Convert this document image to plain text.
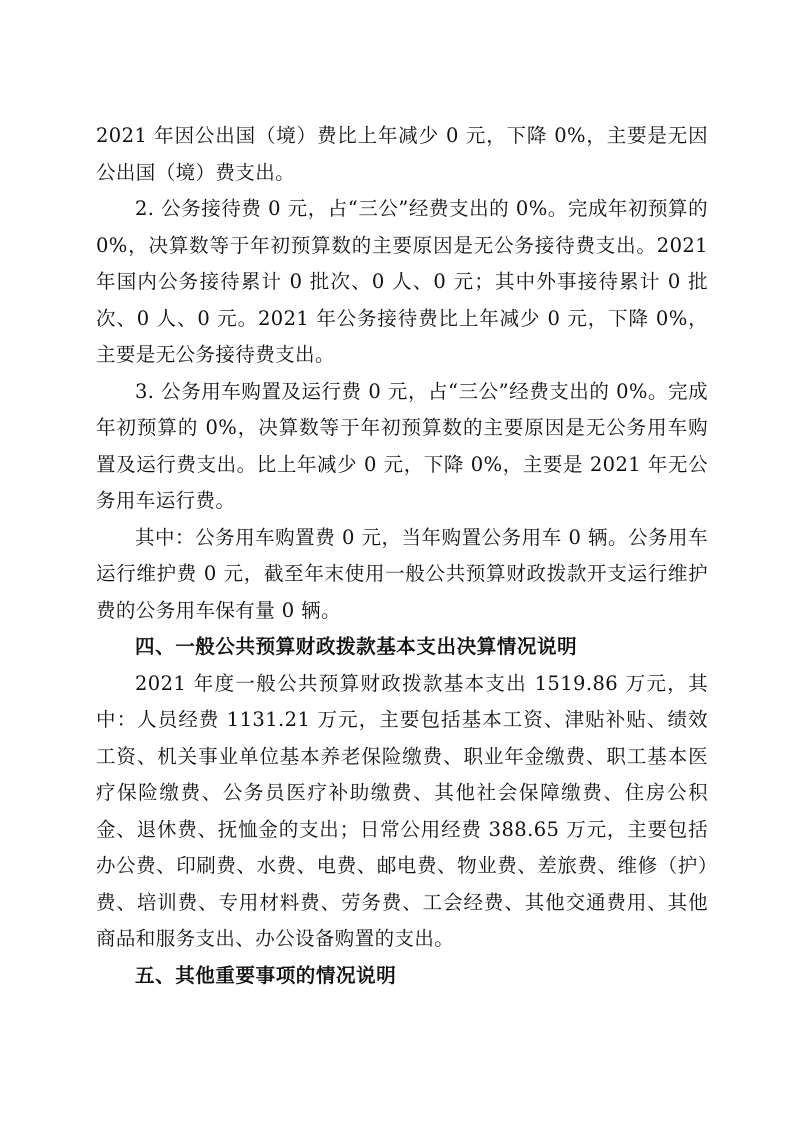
2021 年因公出国（境）费比上年减少 0 元，下降 0%，主要是无因公出国（境）费支出。

2. 公务接待费 0 元，占“三公”经费支出的 0%。完成年初预算的 0%，决算数等于年初预算数的主要原因是无公务接待费支出。2021 年国内公务接待累计 0 批次、0 人、0 元；其中外事接待累计 0 批次、0 人、0 元。2021 年公务接待费比上年减少 0 元，下降 0%，主要是无公务接待费支出。

3. 公务用车购置及运行费 0 元，占“三公”经费支出的 0%。完成年初预算的 0%，决算数等于年初预算数的主要原因是无公务用车购置及运行费支出。比上年减少 0 元，下降 0%，主要是 2021 年无公务用车运行费。

其中：公务用车购置费 0 元，当年购置公务用车 0 辆。公务用车运行维护费 0 元，截至年末使用一般公共预算财政拨款开支运行维护费的公务用车保有量 0 辆。

四、一般公共预算财政拨款基本支出决算情况说明

2021 年度一般公共预算财政拨款基本支出 1519.86 万元，其中：人员经费 1131.21 万元，主要包括基本工资、津贴补贴、绩效工资、机关事业单位基本养老保险缴费、职业年金缴费、职工基本医疗保险缴费、公务员医疗补助缴费、其他社会保障缴费、住房公积金、退休费、抚恤金的支出；日常公用经费 388.65 万元，主要包括办公费、印刷费、水费、电费、邮电费、物业费、差旅费、维修（护）费、培训费、专用材料费、劳务费、工会经费、其他交通费用、其他商品和服务支出、办公设备购置的支出。

五、其他重要事项的情况说明
